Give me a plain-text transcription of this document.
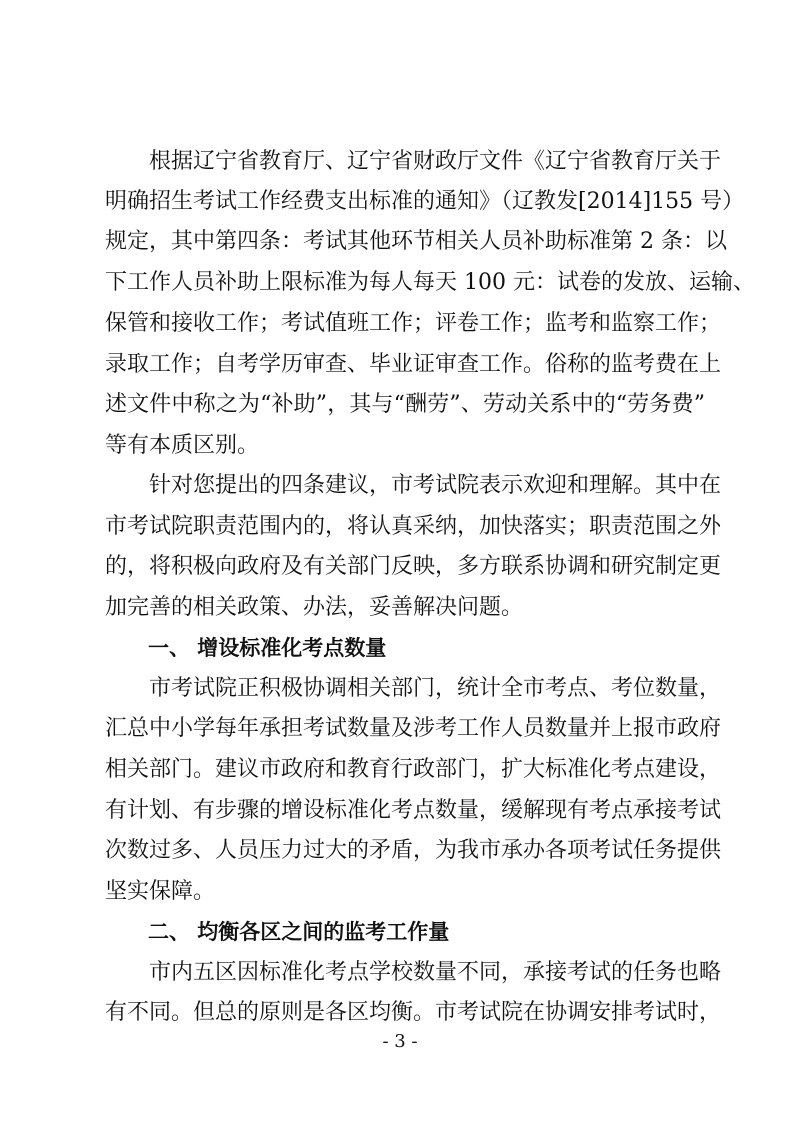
根据辽宁省教育厅、辽宁省财政厅文件《辽宁省教育厅关于
明确招生考试工作经费支出标准的通知》（辽教发[2014]155 号）
规定，其中第四条：考试其他环节相关人员补助标准第 2 条：以
下工作人员补助上限标准为每人每天 100 元：试卷的发放、运输、
保管和接收工作；考试值班工作；评卷工作；监考和监察工作；
录取工作；自考学历审查、毕业证审查工作。俗称的监考费在上
述文件中称之为“补助”，其与“酬劳”、劳动关系中的“劳务费”
等有本质区别。
针对您提出的四条建议，市考试院表示欢迎和理解。其中在
市考试院职责范围内的，将认真采纳，加快落实；职责范围之外
的，将积极向政府及有关部门反映，多方联系协调和研究制定更
加完善的相关政策、办法，妥善解决问题。
一、 增设标准化考点数量
市考试院正积极协调相关部门，统计全市考点、考位数量，
汇总中小学每年承担考试数量及涉考工作人员数量并上报市政府
相关部门。建议市政府和教育行政部门，扩大标准化考点建设，
有计划、有步骤的增设标准化考点数量，缓解现有考点承接考试
次数过多、人员压力过大的矛盾，为我市承办各项考试任务提供
坚实保障。
二、 均衡各区之间的监考工作量
市内五区因标准化考点学校数量不同，承接考试的任务也略
有不同。但总的原则是各区均衡。市考试院在协调安排考试时，
- 3 -
